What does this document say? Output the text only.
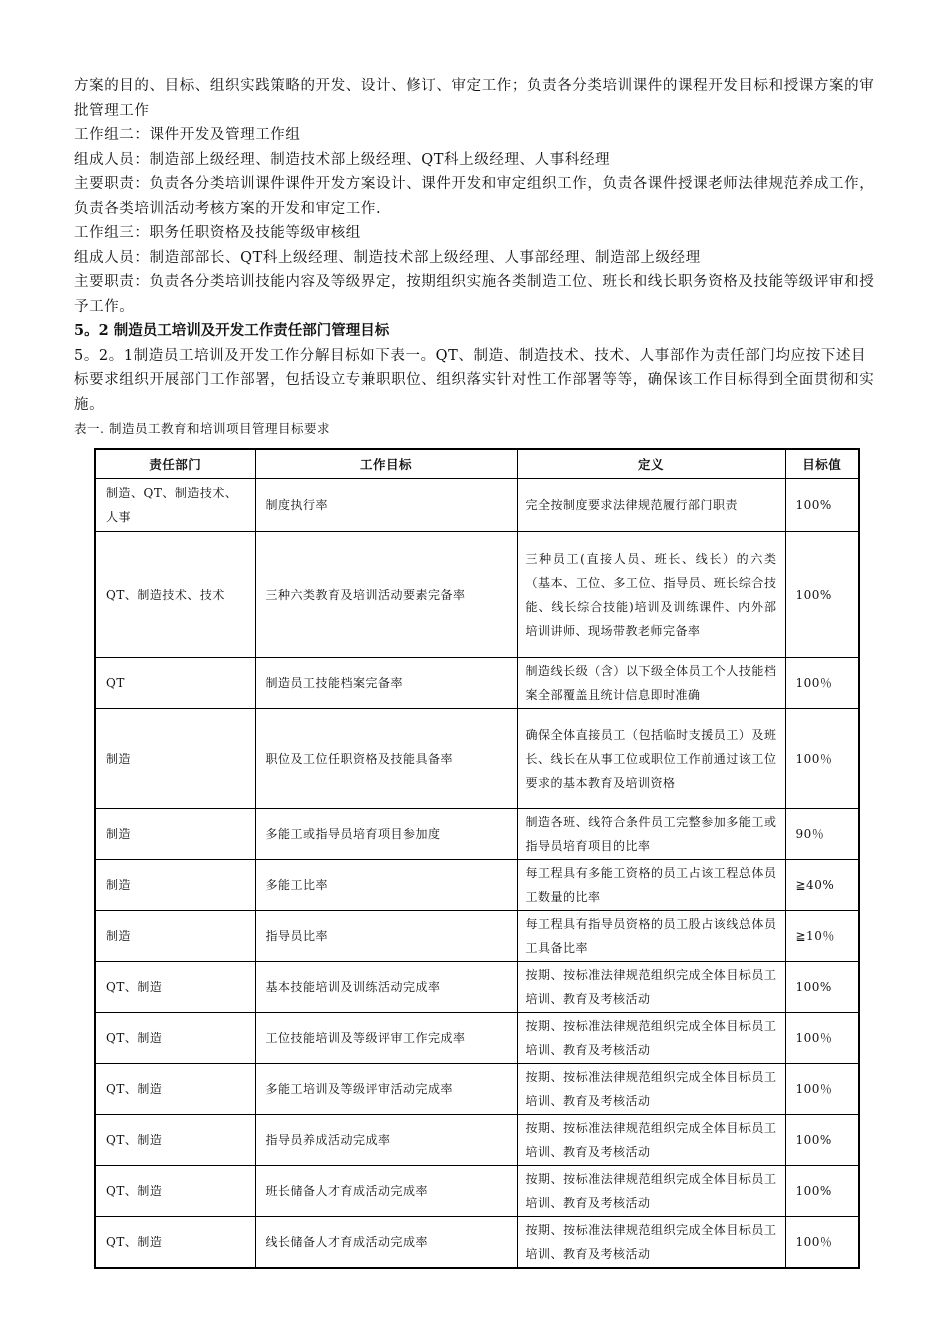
方案的目的、目标、组织实践策略的开发、设计、修订、审定工作；负责各分类培训课件的课程开发目标和授课方案的审批管理工作

工作组二：课件开发及管理工作组

组成人员：制造部上级经理、制造技术部上级经理、QT科上级经理、人事科经理

主要职责：负责各分类培训课件课件开发方案设计、课件开发和审定组织工作，负责各课件授课老师法律规范养成工作，负责各类培训活动考核方案的开发和审定工作.

工作组三：职务任职资格及技能等级审核组

组成人员：制造部部长、QT科上级经理、制造技术部上级经理、人事部经理、制造部上级经理

主要职责：负责各分类培训技能内容及等级界定，按期组织实施各类制造工位、班长和线长职务资格及技能等级评审和授予工作。

5。2 制造员工培训及开发工作责任部门管理目标

5。2。1制造员工培训及开发工作分解目标如下表一。QT、制造、制造技术、技术、人事部作为责任部门均应按下述目标要求组织开展部门工作部署，包括设立专兼职职位、组织落实针对性工作部署等等，确保该工作目标得到全面贯彻和实施。

表一. 制造员工教育和培训项目管理目标要求

责任部门	工作目标	定义	目标值
制造、QT、制造技术、人事	制度执行率	完全按制度要求法律规范履行部门职责	100%
QT、制造技术、技术	三种六类教育及培训活动要素完备率	三种员工(直接人员、班长、线长）的六类（基本、工位、多工位、指导员、班长综合技能、线长综合技能)培训及训练课件、内外部培训讲师、现场带教老师完备率	100%
QT	制造员工技能档案完备率	制造线长级（含）以下级全体员工个人技能档案全部覆盖且统计信息即时准确	100％
制造	职位及工位任职资格及技能具备率	确保全体直接员工（包括临时支援员工）及班长、线长在从事工位或职位工作前通过该工位要求的基本教育及培训资格	100％
制造	多能工或指导员培育项目参加度	制造各班、线符合条件员工完整参加多能工或指导员培育项目的比率	90％
制造	多能工比率	每工程具有多能工资格的员工占该工程总体员工数量的比率	≧40%
制造	指导员比率	每工程具有指导员资格的员工股占该线总体员工具备比率	≧10％
QT、制造	基本技能培训及训练活动完成率	按期、按标准法律规范组织完成全体目标员工培训、教育及考核活动	100%
QT、制造	工位技能培训及等级评审工作完成率	按期、按标准法律规范组织完成全体目标员工培训、教育及考核活动	100％
QT、制造	多能工培训及等级评审活动完成率	按期、按标准法律规范组织完成全体目标员工培训、教育及考核活动	100％
QT、制造	指导员养成活动完成率	按期、按标准法律规范组织完成全体目标员工培训、教育及考核活动	100%
QT、制造	班长储备人才育成活动完成率	按期、按标准法律规范组织完成全体目标员工培训、教育及考核活动	100%
QT、制造	线长储备人才育成活动完成率	按期、按标准法律规范组织完成全体目标员工培训、教育及考核活动	100％
